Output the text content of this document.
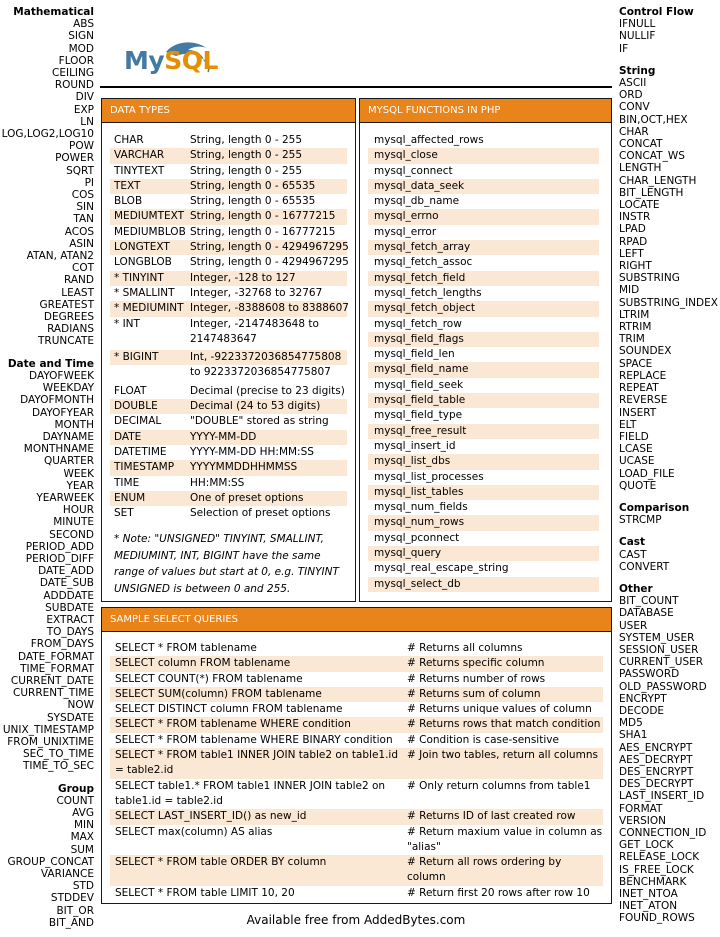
Mathematical
ABS
SIGN
MOD
FLOOR
CEILING
ROUND
DIV
EXP
LN
LOG,LOG2,LOG10
POW
POWER
SQRT
PI
COS
SIN
TAN
ACOS
ASIN
ATAN, ATAN2
COT
RAND
LEAST
GREATEST
DEGREES
RADIANS
TRUNCATE
Date and Time
DAYOFWEEK
WEEKDAY
DAYOFMONTH
DAYOFYEAR
MONTH
DAYNAME
MONTHNAME
QUARTER
WEEK
YEAR
YEARWEEK
HOUR
MINUTE
SECOND
PERIOD_ADD
PERIOD_DIFF
DATE_ADD
DATE_SUB
ADDDATE
SUBDATE
EXTRACT
TO_DAYS
FROM_DAYS
DATE_FORMAT
TIME_FORMAT
CURRENT_DATE
CURRENT_TIME
NOW
SYSDATE
UNIX_TIMESTAMP
FROM_UNIXTIME
SEC_TO_TIME
TIME_TO_SEC
Group
COUNT
AVG
MIN
MAX
SUM
GROUP_CONCAT
VARIANCE
STD
STDDEV
BIT_OR
BIT_AND
Control Flow
IFNULL
NULLIF
IF
String
ASCII
ORD
CONV
BIN,OCT,HEX
CHAR
CONCAT
CONCAT_WS
LENGTH
CHAR_LENGTH
BIT_LENGTH
LOCATE
INSTR
LPAD
RPAD
LEFT
RIGHT
SUBSTRING
MID
SUBSTRING_INDEX
LTRIM
RTRIM
TRIM
SOUNDEX
SPACE
REPLACE
REPEAT
REVERSE
INSERT
ELT
FIELD
LCASE
UCASE
LOAD_FILE
QUOTE
Comparison
STRCMP
Cast
CAST
CONVERT
Other
BIT_COUNT
DATABASE
USER
SYSTEM_USER
SESSION_USER
CURRENT_USER
PASSWORD
OLD_PASSWORD
ENCRYPT
DECODE
MD5
SHA1
AES_ENCRYPT
AES_DECRYPT
DES_ENCRYPT
DES_DECRYPT
LAST_INSERT_ID
FORMAT
VERSION
CONNECTION_ID
GET_LOCK
RELEASE_LOCK
IS_FREE_LOCK
BENCHMARK
INET_NTOA
INET_ATON
FOUND_ROWS
MySQL
DATA TYPES
CHAR	String, length 0 - 255
VARCHAR	String, length 0 - 255
TINYTEXT	String, length 0 - 255
TEXT	String, length 0 - 65535
BLOB	String, length 0 - 65535
MEDIUMTEXT String, length 0 - 16777215
MEDIUMBLOB String, length 0 - 16777215
LONGTEXT	String, length 0 - 4294967295
LONGBLOB	String, length 0 - 4294967295
* TINYINT	Integer, -128 to 127
* SMALLINT	Integer, -32768 to 32767
* MEDIUMINT Integer, -8388608 to 8388607
* INT	Integer, -2147483648 to
2147483647
* BIGINT	Int, -9223372036854775808
to 9223372036854775807
FLOAT	Decimal (precise to 23 digits)
DOUBLE	Decimal (24 to 53 digits)
DECIMAL	"DOUBLE" stored as string
DATE	YYYY-MM-DD
DATETIME	YYYY-MM-DD HH:MM:SS
TIMESTAMP	YYYYMMDDHHMMSS
TIME	HH:MM:SS
ENUM	One of preset options
SET	Selection of preset options
* Note: "UNSIGNED" TINYINT, SMALLINT, MEDIUMINT, INT, BIGINT have the same range of values but start at 0, e.g. TINYINT UNSIGNED is between 0 and 255.
MYSQL FUNCTIONS IN PHP
mysql_affected_rows
mysql_close
mysql_connect
mysql_data_seek
mysql_db_name
mysql_errno
mysql_error
mysql_fetch_array
mysql_fetch_assoc
mysql_fetch_field
mysql_fetch_lengths
mysql_fetch_object
mysql_fetch_row
mysql_field_flags
mysql_field_len
mysql_field_name
mysql_field_seek
mysql_field_table
mysql_field_type
mysql_free_result
mysql_insert_id
mysql_list_dbs
mysql_list_processes
mysql_list_tables
mysql_num_fields
mysql_num_rows
mysql_pconnect
mysql_query
mysql_real_escape_string
mysql_select_db
SAMPLE SELECT QUERIES
SELECT * FROM tablename	# Returns all columns
SELECT column FROM tablename	# Returns specific column
SELECT COUNT(*) FROM tablename	# Returns number of rows
SELECT SUM(column) FROM tablename	# Returns sum of column
SELECT DISTINCT column FROM tablename	# Returns unique values of column
SELECT * FROM tablename WHERE condition	# Returns rows that match condition
SELECT * FROM tablename WHERE BINARY condition	# Condition is case-sensitive
SELECT * FROM table1 INNER JOIN table2 on table1.id = table2.id
# Join two tables, return all columns
SELECT table1.* FROM table1 INNER JOIN table2 on table1.id = table2.id
# Only return columns from table1
SELECT LAST_INSERT_ID() as new_id	# Returns ID of last created row
SELECT max(column) AS alias	# Return maxium value in column as "alias"
SELECT * FROM table ORDER BY column	# Return all rows ordering by column
SELECT * FROM table LIMIT 10, 20	# Return first 20 rows after row 10
Available free from AddedBytes.com
